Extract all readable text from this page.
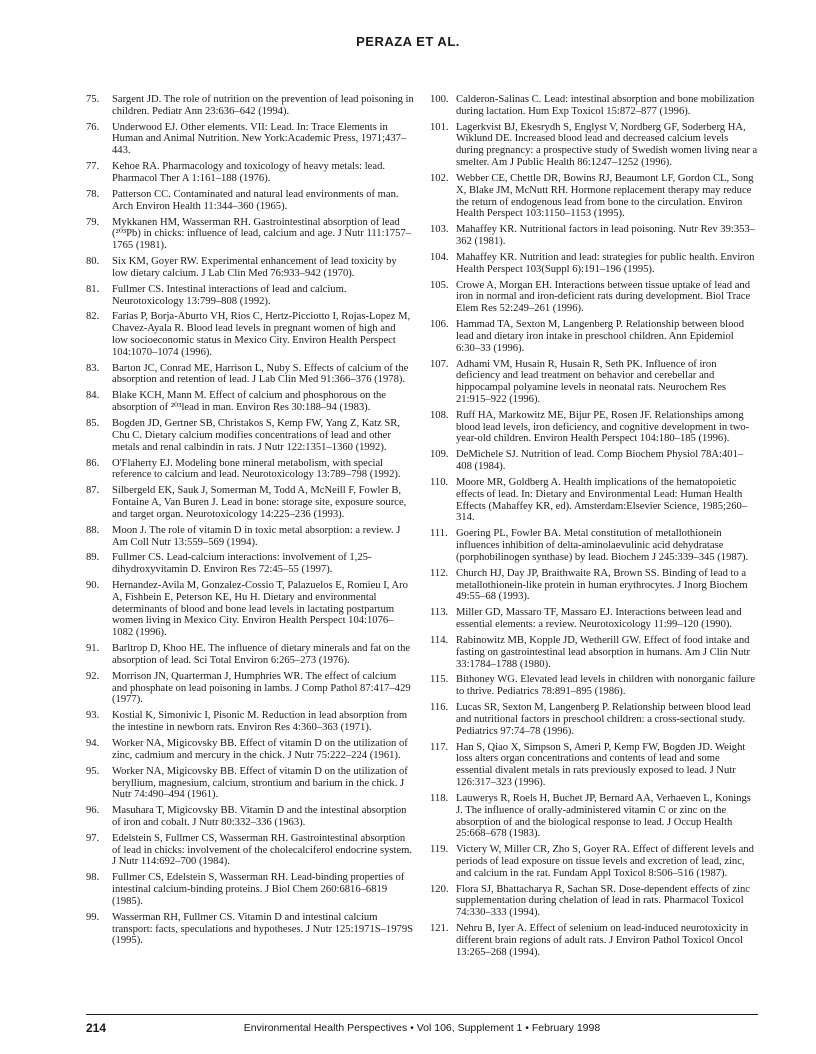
PERAZA ET AL.
75.	Sargent JD. The role of nutrition on the prevention of lead poisoning in children. Pediatr Ann 23:636–642 (1994).
76.	Underwood EJ. Other elements. VII: Lead. In: Trace Elements in Human and Animal Nutrition. New York:Academic Press, 1971;437–443.
77.	Kehoe RA. Pharmacology and toxicology of heavy metals: lead. Pharmacol Ther A 1:161–188 (1976).
78.	Patterson CC. Contaminated and natural lead environments of man. Arch Environ Health 11:344–360 (1965).
79.	Mykkanen HM, Wasserman RH. Gastrointestinal absorption of lead (²⁰³Pb) in chicks: influence of lead, calcium and age. J Nutr 111:1757–1765 (1981).
80.	Six KM, Goyer RW. Experimental enhancement of lead toxicity by low dietary calcium. J Lab Clin Med 76:933–942 (1970).
81.	Fullmer CS. Intestinal interactions of lead and calcium. Neurotoxicology 13:799–808 (1992).
82.	Farias P, Borja-Aburto VH, Rios C, Hertz-Picciotto I, Rojas-Lopez M, Chavez-Ayala R. Blood lead levels in pregnant women of high and low socioeconomic status in Mexico City. Environ Health Perspect 104:1070–1074 (1996).
83.	Barton JC, Conrad ME, Harrison L, Nuby S. Effects of calcium of the absorption and retention of lead. J Lab Clin Med 91:366–376 (1978).
84.	Blake KCH, Mann M. Effect of calcium and phosphorous on the absorption of ²⁰³lead in man. Environ Res 30:188–94 (1983).
85.	Bogden JD, Gertner SB, Christakos S, Kemp FW, Yang Z, Katz SR, Chu C. Dietary calcium modifies concentrations of lead and other metals and renal calbindin in rats. J Nutr 122:1351–1360 (1992).
86.	O'Flaherty EJ. Modeling bone mineral metabolism, with special reference to calcium and lead. Neurotoxicology 13:789–798 (1992).
87.	Silbergeld EK, Sauk J, Somerman M, Todd A, McNeill F, Fowler B, Fontaine A, Van Buren J. Lead in bone: storage site, exposure source, and target organ. Neurotoxicology 14:225–236 (1993).
88.	Moon J. The role of vitamin D in toxic metal absorption: a review. J Am Coll Nutr 13:559–569 (1994).
89.	Fullmer CS. Lead-calcium interactions: involvement of 1,25-dihydroxyvitamin D. Environ Res 72:45–55 (1997).
90.	Hernandez-Avila M, Gonzalez-Cossio T, Palazuelos E, Romieu I, Aro A, Fishbein E, Peterson KE, Hu H. Dietary and environmental determinants of blood and bone lead levels in lactating postpartum women living in Mexico City. Environ Health Perspect 104:1076–1082 (1996).
91.	Barltrop D, Khoo HE. The influence of dietary minerals and fat on the absorption of lead. Sci Total Environ 6:265–273 (1976).
92.	Morrison JN, Quarterman J, Humphries WR. The effect of calcium and phosphate on lead poisoning in lambs. J Comp Pathol 87:417–429 (1977).
93.	Kostial K, Simonivic I, Pisonic M. Reduction in lead absorption from the intestine in newborn rats. Environ Res 4:360–363 (1971).
94.	Worker NA, Migicovsky BB. Effect of vitamin D on the utilization of zinc, cadmium and mercury in the chick. J Nutr 75:222–224 (1961).
95.	Worker NA, Migicovsky BB. Effect of vitamin D on the utilization of beryllium, magnesium, calcium, strontium and barium in the chick. J Nutr 74:490–494 (1961).
96.	Masuhara T, Migicovsky BB. Vitamin D and the intestinal absorption of iron and cobalt. J Nutr 80:332–336 (1963).
97.	Edelstein S, Fullmer CS, Wasserman RH. Gastrointestinal absorption of lead in chicks: involvement of the cholecalciferol endocrine system. J Nutr 114:692–700 (1984).
98.	Fullmer CS, Edelstein S, Wasserman RH. Lead-binding properties of intestinal calcium-binding proteins. J Biol Chem 260:6816–6819 (1985).
99.	Wasserman RH, Fullmer CS. Vitamin D and intestinal calcium transport: facts, speculations and hypotheses. J Nutr 125:1971S–1979S (1995).
100. Calderon-Salinas C. Lead: intestinal absorption and bone mobilization during lactation. Hum Exp Toxicol 15:872–877 (1996).
101. Lagerkvist BJ, Ekesrydh S, Englyst V, Nordberg GF, Soderberg HA, Wiklund DE. Increased blood lead and decreased calcium levels during pregnancy: a prospective study of Swedish women living near a smelter. Am J Public Health 86:1247–1252 (1996).
102. Webber CE, Chettle DR, Bowins RJ, Beaumont LF, Gordon CL, Song X, Blake JM, McNutt RH. Hormone replacement therapy may reduce the return of endogenous lead from bone to the circulation. Environ Health Perspect 103:1150–1153 (1995).
103. Mahaffey KR. Nutritional factors in lead poisoning. Nutr Rev 39:353–362 (1981).
104. Mahaffey KR. Nutrition and lead: strategies for public health. Environ Health Perspect 103(Suppl 6):191–196 (1995).
105. Crowe A, Morgan EH. Interactions between tissue uptake of lead and iron in normal and iron-deficient rats during development. Biol Trace Elem Res 52:249–261 (1996).
106. Hammad TA, Sexton M, Langenberg P. Relationship between blood lead and dietary iron intake in preschool children. Ann Epidemiol 6:30–33 (1996).
107. Adhami VM, Husain R, Husain R, Seth PK. Influence of iron deficiency and lead treatment on behavior and cerebellar and hippocampal polyamine levels in neonatal rats. Neurochem Res 21:915–922 (1996).
108. Ruff HA, Markowitz ME, Bijur PE, Rosen JF. Relationships among blood lead levels, iron deficiency, and cognitive development in two-year-old children. Environ Health Perspect 104:180–185 (1996).
109. DeMichele SJ. Nutrition of lead. Comp Biochem Physiol 78A:401–408 (1984).
110. Moore MR, Goldberg A. Health implications of the hematopoietic effects of lead. In: Dietary and Environmental Lead: Human Health Effects (Mahaffey KR, ed). Amsterdam:Elsevier Science, 1985;260–314.
111. Goering PL, Fowler BA. Metal constitution of metallothionein influences inhibition of delta-aminolaevulinic acid dehydratase (porphobilinogen synthase) by lead. Biochem J 245:339–345 (1987).
112. Church HJ, Day JP, Braithwaite RA, Brown SS. Binding of lead to a metallothionein-like protein in human erythrocytes. J Inorg Biochem 49:55–68 (1993).
113. Miller GD, Massaro TF, Massaro EJ. Interactions between lead and essential elements: a review. Neurotoxicology 11:99–120 (1990).
114. Rabinowitz MB, Kopple JD, Wetherill GW. Effect of food intake and fasting on gastrointestinal lead absorption in humans. Am J Clin Nutr 33:1784–1788 (1980).
115. Bithoney WG. Elevated lead levels in children with nonorganic failure to thrive. Pediatrics 78:891–895 (1986).
116. Lucas SR, Sexton M, Langenberg P. Relationship between blood lead and nutritional factors in preschool children: a cross-sectional study. Pediatrics 97:74–78 (1996).
117. Han S, Qiao X, Simpson S, Ameri P, Kemp FW, Bogden JD. Weight loss alters organ concentrations and contents of lead and some essential divalent metals in rats previously exposed to lead. J Nutr 126:317–323 (1996).
118. Lauwerys R, Roels H, Buchet JP, Bernard AA, Verhaeven L, Konings J. The influence of orally-administered vitamin C or zinc on the absorption of and the biological response to lead. J Occup Health 25:668–678 (1983).
119. Victery W, Miller CR, Zho S, Goyer RA. Effect of different levels and periods of lead exposure on tissue levels and excretion of lead, zinc, and calcium in the rat. Fundam Appl Toxicol 8:506–516 (1987).
120. Flora SJ, Bhattacharya R, Sachan SR. Dose-dependent effects of zinc supplementation during chelation of lead in rats. Pharmacol Toxicol 74:330–333 (1994).
121. Nehru B, Iyer A. Effect of selenium on lead-induced neurotoxicity in different brain regions of adult rats. J Environ Pathol Toxicol Oncol 13:265–268 (1994).
214	Environmental Health Perspectives • Vol 106, Supplement 1 • February 1998
